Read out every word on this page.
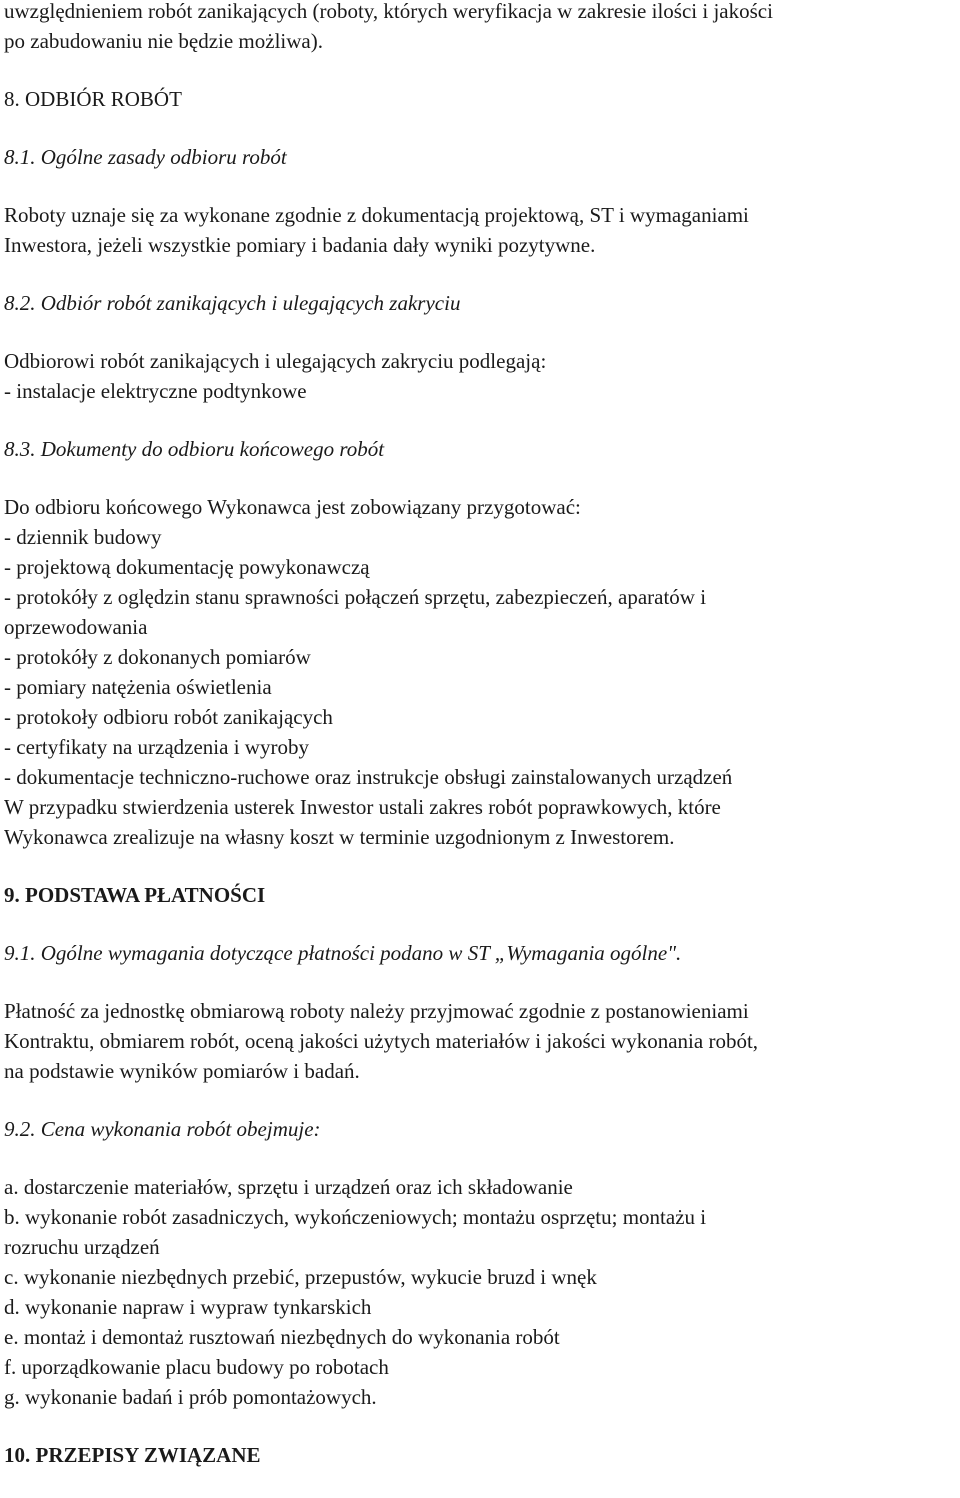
uwzględnieniem robót zanikających (roboty, których weryfikacja w zakresie ilości i jakości
po zabudowaniu nie będzie możliwa).
8. ODBIÓR ROBÓT
8.1. Ogólne zasady odbioru robót
Roboty uznaje się za wykonane zgodnie z dokumentacją projektową, ST i wymaganiami
Inwestora, jeżeli wszystkie pomiary i badania dały wyniki pozytywne.
8.2. Odbiór robót zanikających i ulegających zakryciu
Odbiorowi robót zanikających i ulegających zakryciu podlegają:
- instalacje elektryczne podtynkowe
8.3. Dokumenty do odbioru końcowego robót
Do odbioru końcowego Wykonawca jest zobowiązany przygotować:
- dziennik budowy
- projektową dokumentację powykonawczą
- protokóły z oględzin stanu sprawności połączeń sprzętu, zabezpieczeń, aparatów i
oprzewodowania
- protokóły z dokonanych pomiarów
- pomiary natężenia oświetlenia
- protokoły odbioru robót zanikających
- certyfikaty na urządzenia i wyroby
- dokumentacje techniczno-ruchowe oraz instrukcje obsługi zainstalowanych urządzeń
W przypadku stwierdzenia usterek Inwestor ustali zakres robót poprawkowych, które
Wykonawca zrealizuje na własny koszt w terminie uzgodnionym z Inwestorem.
9. PODSTAWA PŁATNOŚCI
9.1. Ogólne wymagania dotyczące płatności podano w ST „Wymagania ogólne".
Płatność za jednostkę obmiarową roboty należy przyjmować zgodnie z postanowieniami
Kontraktu, obmiarem robót, oceną jakości użytych materiałów i jakości wykonania robót,
na podstawie wyników pomiarów i badań.
9.2. Cena wykonania robót obejmuje:
a. dostarczenie materiałów, sprzętu i urządzeń oraz ich składowanie
b. wykonanie robót zasadniczych, wykończeniowych; montażu osprzętu; montażu i
rozruchu urządzeń
c. wykonanie niezbędnych przebić, przepustów, wykucie bruzd i wnęk
d. wykonanie napraw i wypraw tynkarskich
e. montaż i demontaż rusztowań niezbędnych do wykonania robót
f. uporządkowanie placu budowy po robotach
g. wykonanie badań i prób pomontażowych.
10. PRZEPISY ZWIĄZANE
